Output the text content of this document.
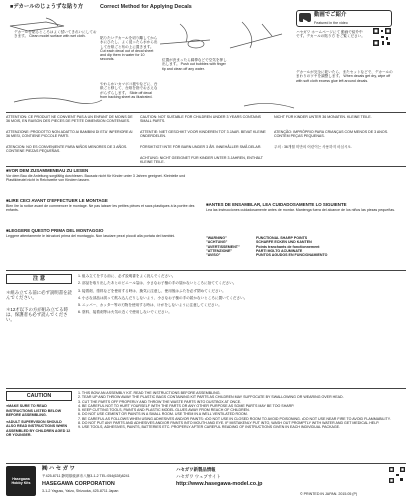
■デカールのじょうずな貼り方	Correct Method for Applying Decals
動画でご紹介
Featured in the video
ハセガワ ホームページにて 動画で紹介中です。デカールの貼り方 をご覧ください。
デカールを貼るところはよく拭いてきれいにしておきます。 Clean model surface with wet cloth.	貼りたいデカールを切り離してから水にひたし、よく浸ったら水から出して台紙ごと布の上に置きます。 Cut each decal out of decal sheet and dip them in water for 10 seconds.
やわらかいカマボコ板やなどに、台紙ごと移して、台紙を指でおさえながらずらします。 Slide off decal from backing sheet as illustrated.
位置が決まったら綿棒などで空気を押し出します。 Push out bubbles with finger tip and clean off any water.
デカールが完全に乾いたら、またセットなどで、デカールのまわりのツヤを調整します。 When decals get dry, wipe off with soft cloth excess glue left around decals.
ATTENTION: CE PRODUIT NE CONVIENT PAS A UN ENFANT DE MOINS DE 36 MOIS, EN RAISON DES PIECES DE PETITE DIMENSION CONTENUES.
ATTENZIONE: PRODOTTO NON ADATTO AI BAMBINI DI ETA' INFERIORE AI 36 MESI, CONTIENE PICCOLE PARTI.
ATENCION: NO ES CONVENIENTE PARA NIÑOS MENORES DE 3 AÑOS. CONTIENE PIEZAS PEQUEÑAS.
CAUTION: NOT SUITABLE FOR CHILDREN UNDER 3 YEARS CONTAINS SMALL PARTS.
ATTENTIE: NIET GESCHIKT VOOR KINDEREN TOT 3 JAAR. BEVAT KLEINE ONDERDELEN.
FÖRSIKTIGT! INTE FÖR BARN UNDER 3 ÅR. INNEHÅLLER SMÅ DELAR.
NICHT FÜR KINDER UNTER 36 MONATEN. KLEINE TEILE.
ATENÇÃO: IMPRÓPRIO PARA CRIANÇAS COM MENOS DE 3 ANOS. CONTÉM PEÇAS PEQUENAS.
주의 : 36개월 미만의 어린이는 사용하지 마십시오.
ACHTUNG: NICHT GEEIGNET FÜR KINDER UNTER 3 JAHREN, ENTHÄLT KLEINE TEILE.
■VOR DEM ZUSAMMENBAU ZU LESEN
Vor dem Bau die Anleitung sorgfältig durchlesen. Bausatz nicht für Kinder unter 3 Jahren geeignet. Kleinteile und Plastikbeutel nicht in Reichweite von Kindern lassen.
■LIRE CECI AVANT D'EFFECTUER LE MONTAGE
Bien lire la notice avant de commencer le montage. Ne pas laisser les petites pièces et sacs plastiques à la portée des enfants.
■LEGGERE QUESTO PRIMA DEL MONTAGGIO
Leggere attentamente le istruzioni prima del montaggio. Non lasciare pezzi piccoli alla portata dei bambini.
■ANTES DE ENSAMBLAR, LEA CUIDADOSAMENTE LO SIGUIENTE
Lea las instrucciones cuidadosamente antes de montar. Mantenga fuera del alcance de los niños las piezas pequeñas.
"WARNING"	FUNCTIONAL SHARP POINTS
"ACHTUNG"	SCHARFE ECKEN UND KANTEN
"AVERTISSEMENT"	Points tranchants de fonctionnement
"ATTENZIONE"	PARTI MOLTO ACUMINATE
"AVISO"	PUNTOS AGUDOS EN FUNCIONAMIENTO
注 意
＊組み立てる前に必ず説明書を読んでください。
＊12才以下の方が組み立てる時は、保護者も必ず読んでください。
1. 組み立てをする前に、必ず説明書をよく読んでください。
2. 部品を取り出したあとのビニール袋は、小さなお子様の手の届かないところに捨ててください。
3. 接着剤、塗料などを使用する時は、換気に注意し、使用後はふたを必ず閉めてください。
4. 小さな部品は誤って飲み込んだりしないよう、小さなお子様の手の届かないところに置いてください。
5. ニッパー、カッター等の刃物を使用する時は、けがをしないように注意してください。
6. 塗料、接着剤等は火気の近くで使用しないでください。
CAUTION
●MAKE SURE TO READ INSTRUCTIONS LISTED BELOW BEFORE ASSEMBLING.
●ADULT SUPERVISION SHOULD ALSO READ INSTRUCTIONS WHEN ASSEMBLED BY CHILDREN AGED 12 OR YOUNGER.
1. THIS BOW AN ASSEMBLY KIT. READ THE INSTRUCTIONS BEFORE ASSEMBLING.
2. TEAR UP AND THROW AWAY THE PLASTIC BAGS CONTAINING KIT PARTS AS CHILDREN MAY SUFFOCATE BY SWALLOWING OR WEARING OVER HEAD.
3. CUT THE PARTS OFF PROPERLY AND THROW THE WASTE PARTS INTO DUSTBOX AT ONCE.
4. BE CAREFUL NOT TO HURT YOURSELF WITH THE PARTS OR ANY OTHER PURPOSE AS SOME PARTS MAY BE TOO SHARP.
5. KEEP CUTTING TOOLS, PAINTS AND PLASTIC MODEL GLUES AWAY FROM REACH OF CHILDREN.
6. DO NOT USE CEMENT OR PAINTS IN A SMALL ROOM. USE THEM IN A WELL VENTILATED ROOM.
7. BE CAREFUL AS FOLLOWS WHEN USING ADHESIVES AND/OR PAINTS: •DO NOT USE IN CLOSED ROOM TO AVOID POISONING. •DO NOT USE NEAR FIRE TO AVOID FLAMMABILITY.
8. DO NOT PUT ANY PARTS AND ADHESIVES AND/OR PAINTS INTO MOUTH AND EYE. IF MISTAKENLY PUT INTO, WASH OUT PROMPTLY WITH WATER AND GET MEDICAL HELP.
9. USE TOOLS, ADHESIVES, PAINTS, BATTERIES ETC. PROPERLY AFTER CAREFUL READING OF INSTRUCTIONS GIVEN IN EACH INDIVIDUAL PACKAGE.
Hasegawa Hobby Kits
㈱ ハ セ ガ ワ
〒425-8711 静岡県焼津市八楠3-1-2 TEL:054(628)8241
HASEGAWA CORPORATION
3-1-2 Yagusu, Yaizu, Shizuoka, 425-8711 Japan
ハセガワ新製品情報
ハセガワ ウェブサイト
http://www.hasegawa-model.co.jp
© PRINTED IN JAPAN. 2015.05 (P)
